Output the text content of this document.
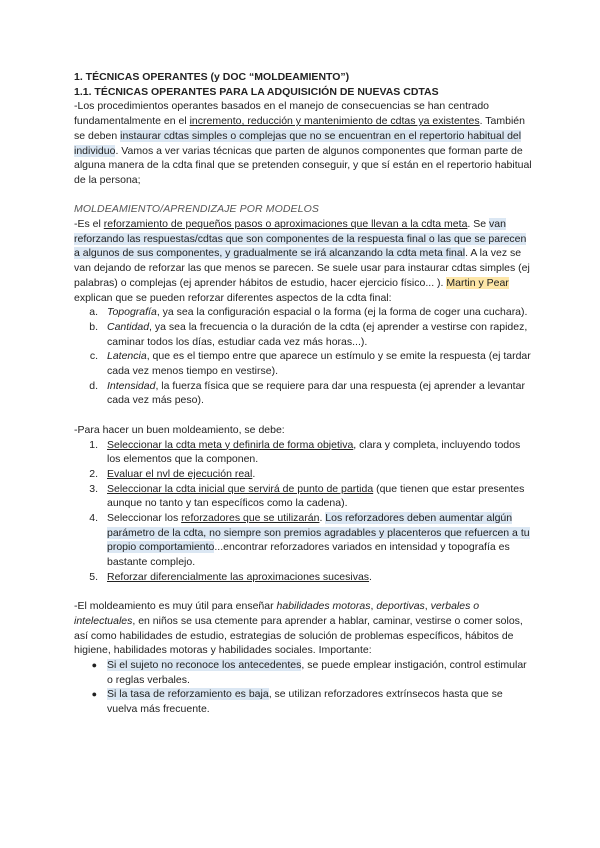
1. TÉCNICAS OPERANTES (y DOC “MOLDEAMIENTO”)

1.1. TÉCNICAS OPERANTES PARA LA ADQUISICIÓN DE NUEVAS CDTAS

-Los procedimientos operantes basados en el manejo de consecuencias se han centrado fundamentalmente en el incremento, reducción y mantenimiento de cdtas ya existentes. También se deben instaurar cdtas simples o complejas que no se encuentran en el repertorio habitual del individuo. Vamos a ver varias técnicas que parten de algunos componentes que forman parte de alguna manera de la cdta final que se pretenden conseguir, y que sí están en el repertorio habitual de la persona;

MOLDEAMIENTO/APRENDIZAJE POR MODELOS

-Es el reforzamiento de pequeños pasos o aproximaciones que llevan a la cdta meta. Se van reforzando las respuestas/cdtas que son componentes de la respuesta final o las que se parecen a algunos de sus componentes, y gradualmente se irá alcanzando la cdta meta final. A la vez se van dejando de reforzar las que menos se parecen. Se suele usar para instaurar cdtas simples (ej palabras) o complejas (ej aprender hábitos de estudio, hacer ejercicio físico... ). Martin y Pear explican que se pueden reforzar diferentes aspectos de la cdta final:

a. Topografía, ya sea la configuración espacial o la forma (ej la forma de coger una cuchara).
b. Cantidad, ya sea la frecuencia o la duración de la cdta (ej aprender a vestirse con rapidez, caminar todos los días, estudiar cada vez más horas...).
c. Latencia, que es el tiempo entre que aparece un estímulo y se emite la respuesta (ej tardar cada vez menos tiempo en vestirse).
d. Intensidad, la fuerza física que se requiere para dar una respuesta (ej aprender a levantar cada vez más peso).

-Para hacer un buen moldeamiento, se debe:

1. Seleccionar la cdta meta y definirla de forma objetiva, clara y completa, incluyendo todos los elementos que la componen.
2. Evaluar el nvl de ejecución real.
3. Seleccionar la cdta inicial que servirá de punto de partida (que tienen que estar presentes aunque no tanto y tan específicos como la cadena).
4. Seleccionar los reforzadores que se utilizarán. Los reforzadores deben aumentar algún parámetro de la cdta, no siempre son premios agradables y placenteros que refuercen a tu propio comportamiento...encontrar reforzadores variados en intensidad y topografía es bastante complejo.
5. Reforzar diferencialmente las aproximaciones sucesivas.

-El moldeamiento es muy útil para enseñar habilidades motoras, deportivas, verbales o intelectuales, en niños se usa ctemente para aprender a hablar, caminar, vestirse o comer solos, así como habilidades de estudio, estrategias de solución de problemas específicos, hábitos de higiene, habilidades motoras y habilidades sociales. Importante:

● Si el sujeto no reconoce los antecedentes, se puede emplear instigación, control estimular o reglas verbales.
● Si la tasa de reforzamiento es baja, se utilizan reforzadores extrínsecos hasta que se vuelva más frecuente.
